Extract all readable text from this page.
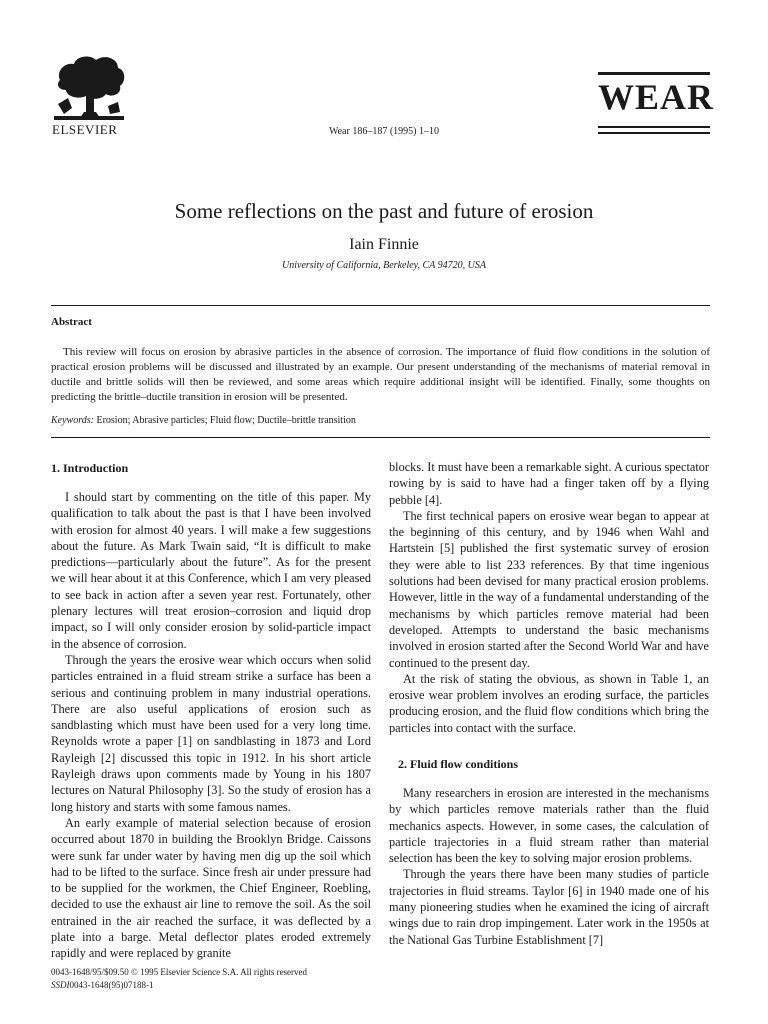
ELSEVIER	Wear 186–187 (1995) 1–10
WEAR
Some reflections on the past and future of erosion
Iain Finnie
University of California, Berkeley, CA 94720, USA
Abstract
This review will focus on erosion by abrasive particles in the absence of corrosion. The importance of fluid flow conditions in the solution of practical erosion problems will be discussed and illustrated by an example. Our present understanding of the mechanisms of material removal in ductile and brittle solids will then be reviewed, and some areas which require additional insight will be identified. Finally, some thoughts on predicting the brittle–ductile transition in erosion will be presented.
Keywords: Erosion; Abrasive particles; Fluid flow; Ductile–brittle transition
1. Introduction

I should start by commenting on the title of this paper. My qualification to talk about the past is that I have been involved with erosion for almost 40 years. I will make a few suggestions about the future. As Mark Twain said, “It is difficult to make predictions—particularly about the future”. As for the present we will hear about it at this Conference, which I am very pleased to see back in action after a seven year rest. Fortunately, other plenary lectures will treat erosion–corrosion and liquid drop impact, so I will only consider erosion by solid-particle impact in the absence of corrosion.

Through the years the erosive wear which occurs when solid particles entrained in a fluid stream strike a surface has been a serious and continuing problem in many industrial operations. There are also useful applications of erosion such as sandblasting which must have been used for a very long time. Reynolds wrote a paper [1] on sandblasting in 1873 and Lord Rayleigh [2] discussed this topic in 1912. In his short article Rayleigh draws upon comments made by Young in his 1807 lectures on Natural Philosophy [3]. So the study of erosion has a long history and starts with some famous names.

An early example of material selection because of erosion occurred about 1870 in building the Brooklyn Bridge. Caissons were sunk far under water by having men dig up the soil which had to be lifted to the surface. Since fresh air under pressure had to be supplied for the workmen, the Chief Engineer, Roebling, decided to use the exhaust air line to remove the soil. As the soil entrained in the air reached the surface, it was deflected by a plate into a barge. Metal deflector plates eroded extremely rapidly and were replaced by granite

blocks. It must have been a remarkable sight. A curious spectator rowing by is said to have had a finger taken off by a flying pebble [4].

The first technical papers on erosive wear began to appear at the beginning of this century, and by 1946 when Wahl and Hartstein [5] published the first systematic survey of erosion they were able to list 233 references. By that time ingenious solutions had been devised for many practical erosion problems. However, little in the way of a fundamental understanding of the mechanisms by which particles remove material had been developed. Attempts to understand the basic mechanisms involved in erosion started after the Second World War and have continued to the present day.

At the risk of stating the obvious, as shown in Table 1, an erosive wear problem involves an eroding surface, the particles producing erosion, and the fluid flow conditions which bring the particles into contact with the surface.

2. Fluid flow conditions

Many researchers in erosion are interested in the mechanisms by which particles remove materials rather than the fluid mechanics aspects. However, in some cases, the calculation of particle trajectories in a fluid stream rather than material selection has been the key to solving major erosion problems.

Through the years there have been many studies of particle trajectories in fluid streams. Taylor [6] in 1940 made one of his many pioneering studies when he examined the icing of aircraft wings due to rain drop impingement. Later work in the 1950s at the National Gas Turbine Establishment [7]

0043-1648/95/$09.50 © 1995 Elsevier Science S.A. All rights reserved
SSDI0043-1648(95)07188-1
